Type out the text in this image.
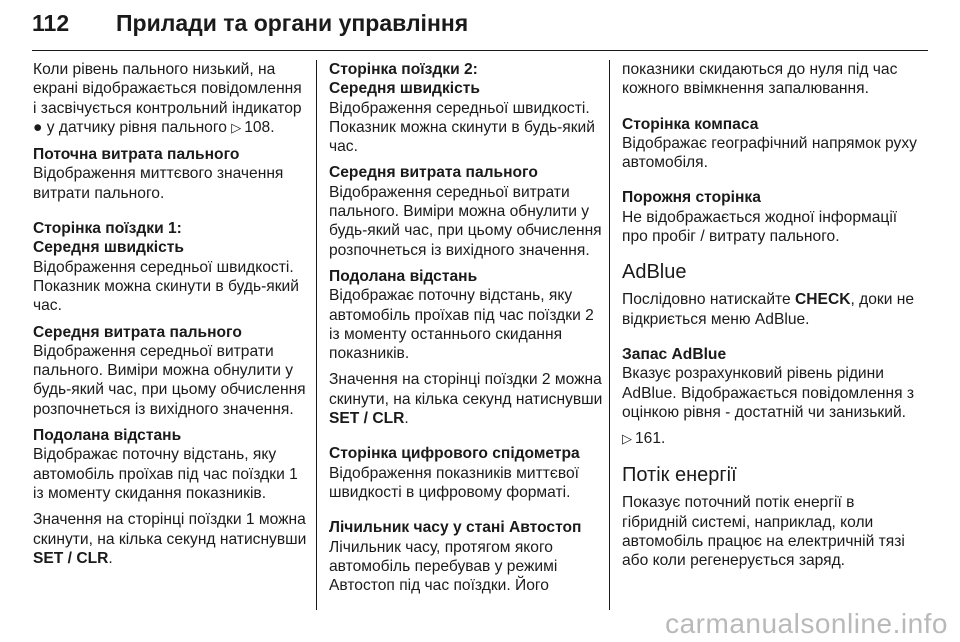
112 Прилади та органи управління

Коли рівень пального низький, на екрані відображається повідомлення і засвічується контрольний індикатор ● у датчику рівня пального ▷ 108.

Поточна витрата пального

Відображення миттєвого значення витрати пального.

Сторінка поїздки 1:

Середня швидкість

Відображення середньої швидкості. Показник можна скинути в будь-який час.

Середня витрата пального

Відображення середньої витрати пального. Виміри можна обнулити у будь-який час, при цьому обчислення розпочнеться із вихідного значення.

Подолана відстань

Відображає поточну відстань, яку автомобіль проїхав під час поїздки 1 із моменту скидання показників.

Значення на сторінці поїздки 1 можна скинути, на кілька секунд натиснувши SET / CLR.

Сторінка поїздки 2:

Середня швидкість

Відображення середньої швидкості. Показник можна скинути в будь-який час.

Середня витрата пального

Відображення середньої витрати пального. Виміри можна обнулити у будь-який час, при цьому обчислення розпочнеться із вихідного значення.

Подолана відстань

Відображає поточну відстань, яку автомобіль проїхав під час поїздки 2 із моменту останнього скидання показників.

Значення на сторінці поїздки 2 можна скинути, на кілька секунд натиснувши SET / CLR.

Сторінка цифрового спідометра

Відображення показників миттєвої швидкості в цифровому форматі.

Лічильник часу у стані Автостоп

Лічильник часу, протягом якого автомобіль перебував у режимі Автостоп під час поїздки. Його

показники скидаються до нуля під час кожного ввімкнення запалювання.

Сторінка компаса

Відображає географічний напрямок руху автомобіля.

Порожня сторінка

Не відображається жодної інформації про пробіг / витрату пального.

AdBlue

Послідовно натискайте CHECK, доки не відкриється меню AdBlue.

Запас AdBlue

Вказує розрахунковий рівень рідини AdBlue. Відображається повідомлення з оцінкою рівня - достатній чи занизький.

▷ 161.

Потік енергії

Показує поточний потік енергії в гібридній системі, наприклад, коли автомобіль працює на електричній тязі або коли регенерується заряд.

carmanualsonline.info
